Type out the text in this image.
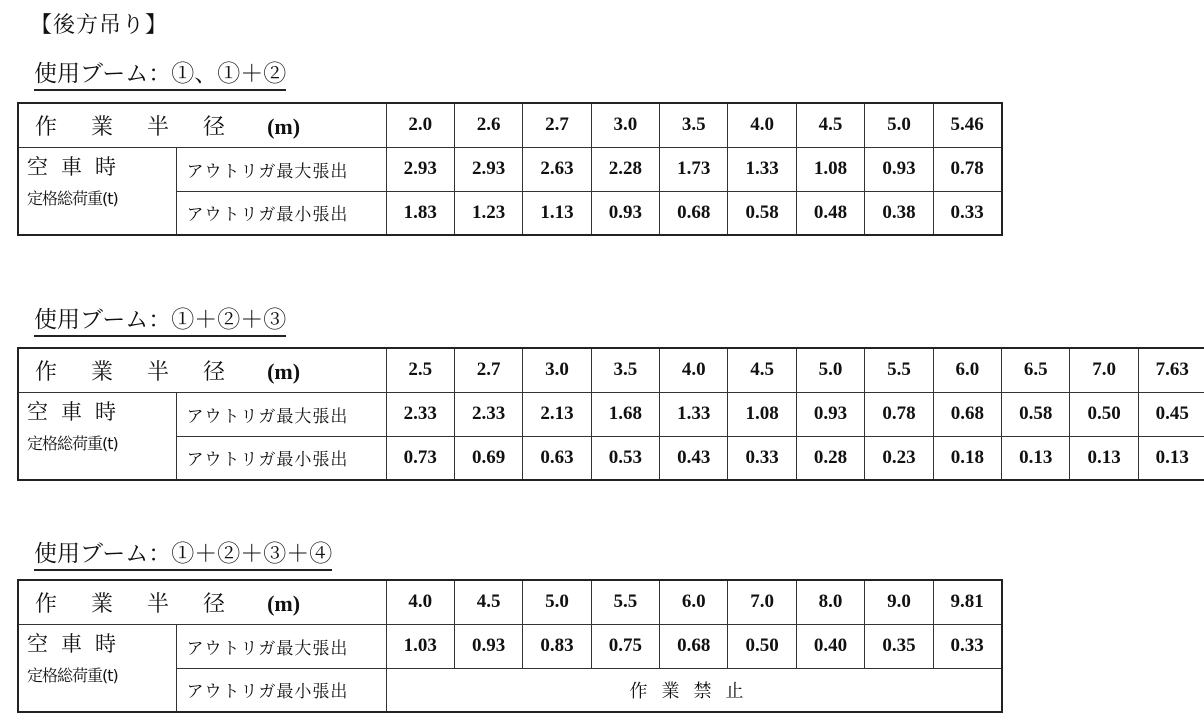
【後方吊り】
使用ブーム：①、①＋②
作 業 半 径 (m)		2.0	2.6	2.7	3.0	3.5	4.0	4.5	5.0	5.46

空車時
定格総荷重(t)	アウトリガ最大張出	2.93	2.93	2.63	2.28	1.73	1.33	1.08	0.93	0.78
	アウトリガ最小張出	1.83	1.23	1.13	0.93	0.68	0.58	0.48	0.38	0.33
使用ブーム：①＋②＋③
作 業 半 径 (m)		2.5	2.7	3.0	3.5	4.0	4.5	5.0	5.5	6.0	6.5	7.0	7.63

空車時
定格総荷重(t)	アウトリガ最大張出	2.33	2.33	2.13	1.68	1.33	1.08	0.93	0.78	0.68	0.58	0.50	0.45
	アウトリガ最小張出	0.73	0.69	0.63	0.53	0.43	0.33	0.28	0.23	0.18	0.13	0.13	0.13
使用ブーム：①＋②＋③＋④
作 業 半 径 (m)		4.0	4.5	5.0	5.5	6.0	7.0	8.0	9.0	9.81

空車時
定格総荷重(t)	アウトリガ最大張出	1.03	0.93	0.83	0.75	0.68	0.50	0.40	0.35	0.33
	アウトリガ最小張出	作業禁止								
